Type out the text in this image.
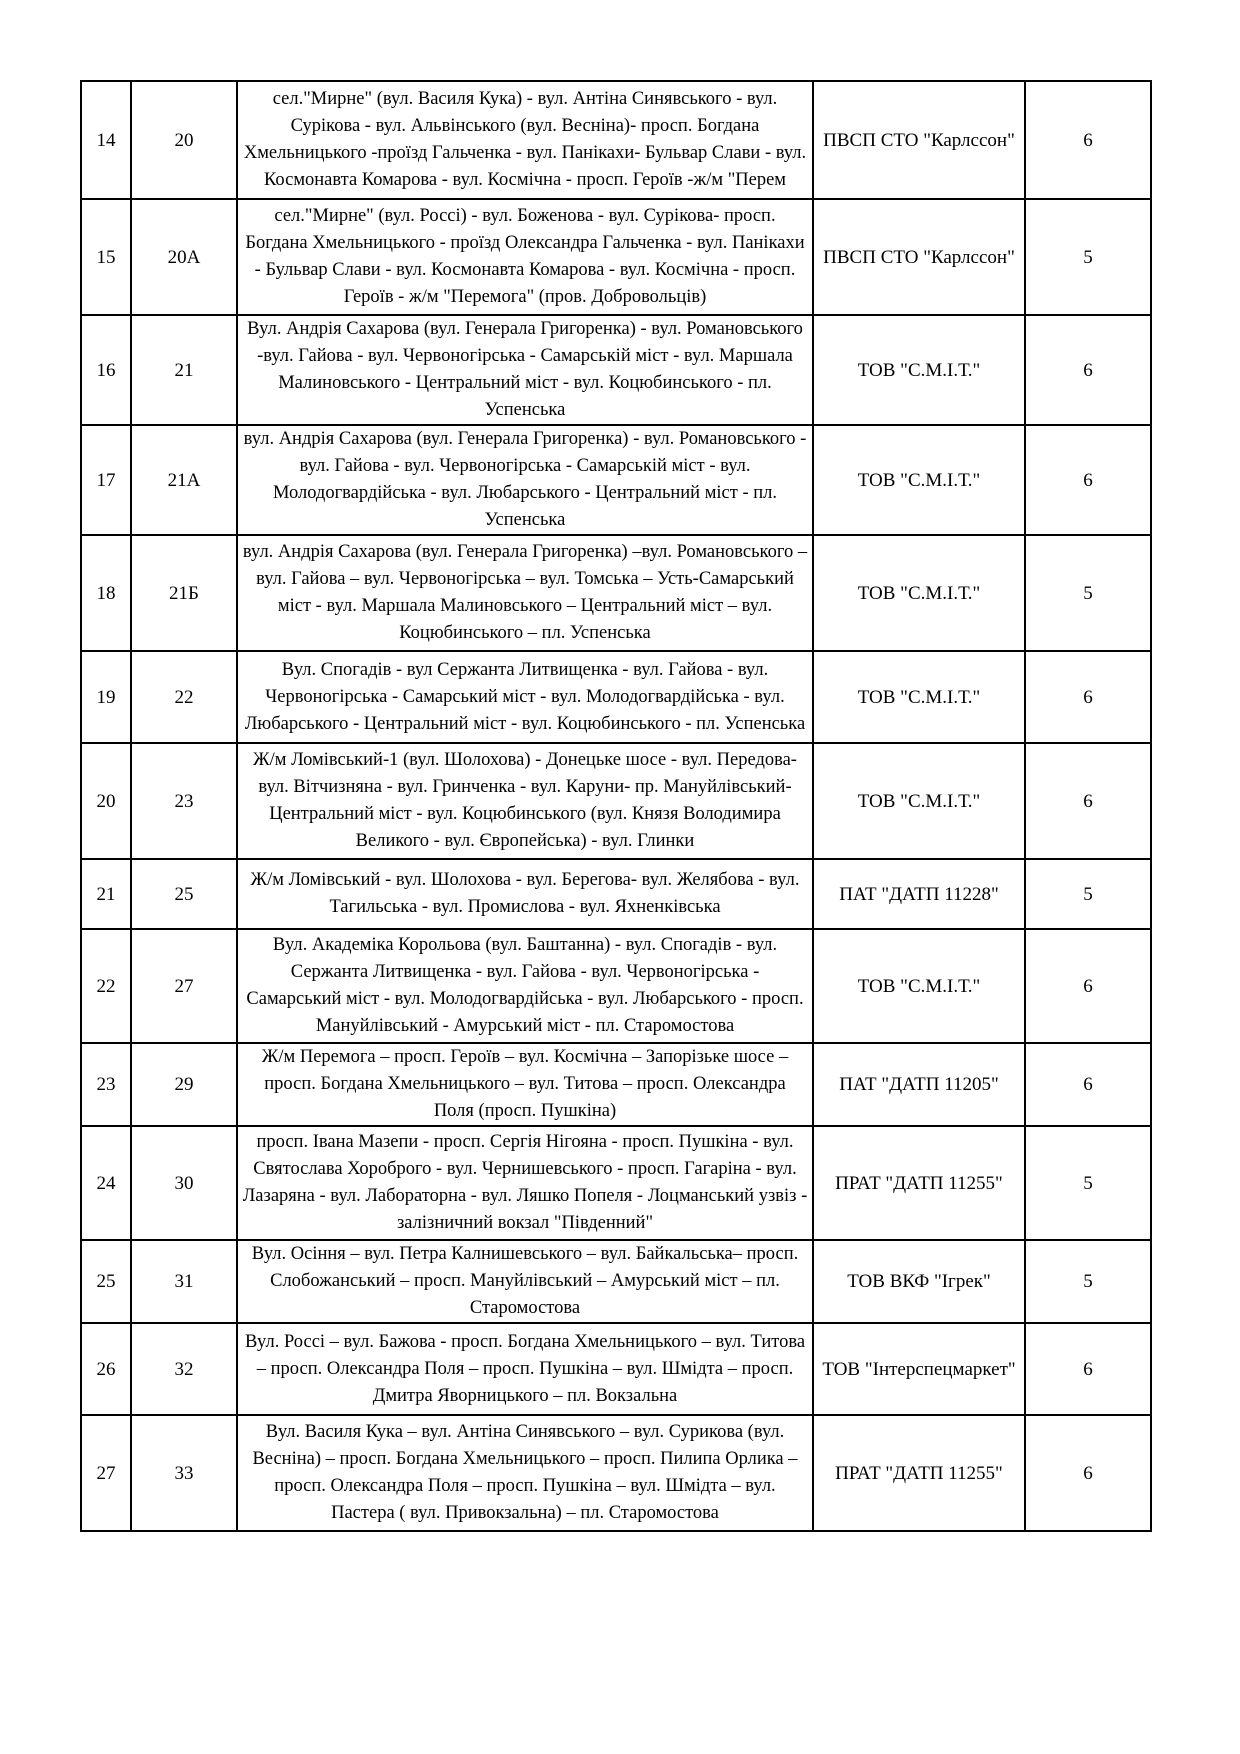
14	20	сел."Мирне" (вул. Василя Кука) - вул. Антіна Синявського - вул. Сурікова - вул. Альвінського (вул. Весніна)- просп. Богдана Хмельницького -проїзд Гальченка - вул. Панікахи- Бульвар Слави - вул. Космонавта Комарова - вул. Космічна - просп. Героїв -ж/м "Перем	ПВСП СТО "Карлссон"	6
15	20А	сел."Мирне" (вул. Россі) - вул. Боженова - вул. Сурікова- просп. Богдана Хмельницького - проїзд Олександра Гальченка - вул. Панікахи - Бульвар Слави - вул. Космонавта Комарова - вул. Космічна - просп. Героїв - ж/м "Перемога" (пров. Добровольців)	ПВСП СТО "Карлссон"	5
16	21	Вул. Андрія Сахарова (вул. Генерала Григоренка) - вул. Романовського -вул. Гайова - вул. Червоногірська - Самарській міст - вул. Маршала Малиновського - Центральний міст - вул. Коцюбинського - пл. Успенська	ТОВ "С.М.І.Т."	6
17	21А	вул. Андрія Сахарова (вул. Генерала Григоренка) - вул. Романовського - вул. Гайова - вул. Червоногірська - Самарській міст - вул. Молодогвардійська - вул. Любарського - Центральний міст - пл. Успенська	ТОВ "С.М.І.Т."	6
18	21Б	вул. Андрія Сахарова (вул. Генерала Григоренка) –вул. Романовського – вул. Гайова – вул. Червоногірська – вул. Томська – Усть-Самарський міст - вул. Маршала Малиновського – Центральний міст – вул. Коцюбинського – пл. Успенська	ТОВ "С.М.І.Т."	5
19	22	Вул. Спогадів - вул Сержанта Литвищенка - вул. Гайова - вул. Червоногірська - Самарський міст - вул. Молодогвардійська - вул. Любарського - Центральний міст - вул. Коцюбинського - пл. Успенська	ТОВ "С.М.І.Т."	6
20	23	Ж/м Ломівський-1 (вул. Шолохова) - Донецьке шосе - вул. Передова- вул. Вітчизняна - вул. Гринченка - вул. Каруни- пр. Мануйлівський- Центральний міст - вул. Коцюбинського (вул. Князя Володимира Великого - вул. Європейська) - вул. Глинки	ТОВ "С.М.І.Т."	6
21	25	Ж/м Ломівський - вул. Шолохова - вул. Берегова- вул. Желябова - вул. Тагильська - вул. Промислова - вул. Яхненківська	ПАТ "ДАТП 11228"	5
22	27	Вул. Академіка Корольова (вул. Баштанна) - вул. Спогадів - вул. Сержанта Литвищенка - вул. Гайова - вул. Червоногірська - Самарський міст - вул. Молодогвардійська - вул. Любарського - просп. Мануйлівський - Амурський міст - пл. Старомостова	ТОВ "С.М.І.Т."	6
23	29	Ж/м Перемога – просп. Героїв – вул. Космічна – Запорізьке шосе – просп. Богдана Хмельницького – вул. Титова – просп. Олександра Поля (просп. Пушкіна)	ПАТ "ДАТП 11205"	6
24	30	просп. Івана Мазепи - просп. Сергія Нігояна - просп. Пушкіна - вул. Святослава Хороброго - вул. Чернишевського - просп. Гагаріна - вул. Лазаряна - вул. Лабораторна - вул. Ляшко Попеля - Лоцманський узвіз - залізничний вокзал "Південний"	ПРАТ "ДАТП 11255"	5
25	31	Вул. Осіння – вул. Петра Калнишевського – вул. Байкальська– просп. Слобожанський – просп. Мануйлівський – Амурський міст – пл. Старомостова	ТОВ ВКФ "Ігрек"	5
26	32	Вул. Россі – вул. Бажова - просп. Богдана Хмельницького – вул. Титова – просп. Олександра Поля – просп. Пушкіна – вул. Шмідта – просп. Дмитра Яворницького – пл. Вокзальна	ТОВ "Інтерспецмаркет"	6
27	33	Вул. Василя Кука – вул. Антіна Синявського – вул. Сурикова (вул. Весніна) – просп. Богдана Хмельницького – просп. Пилипа Орлика – просп. Олександра Поля – просп. Пушкіна – вул. Шмідта – вул. Пастера ( вул. Привокзальна) – пл. Старомостова	ПРАТ "ДАТП 11255"	6
